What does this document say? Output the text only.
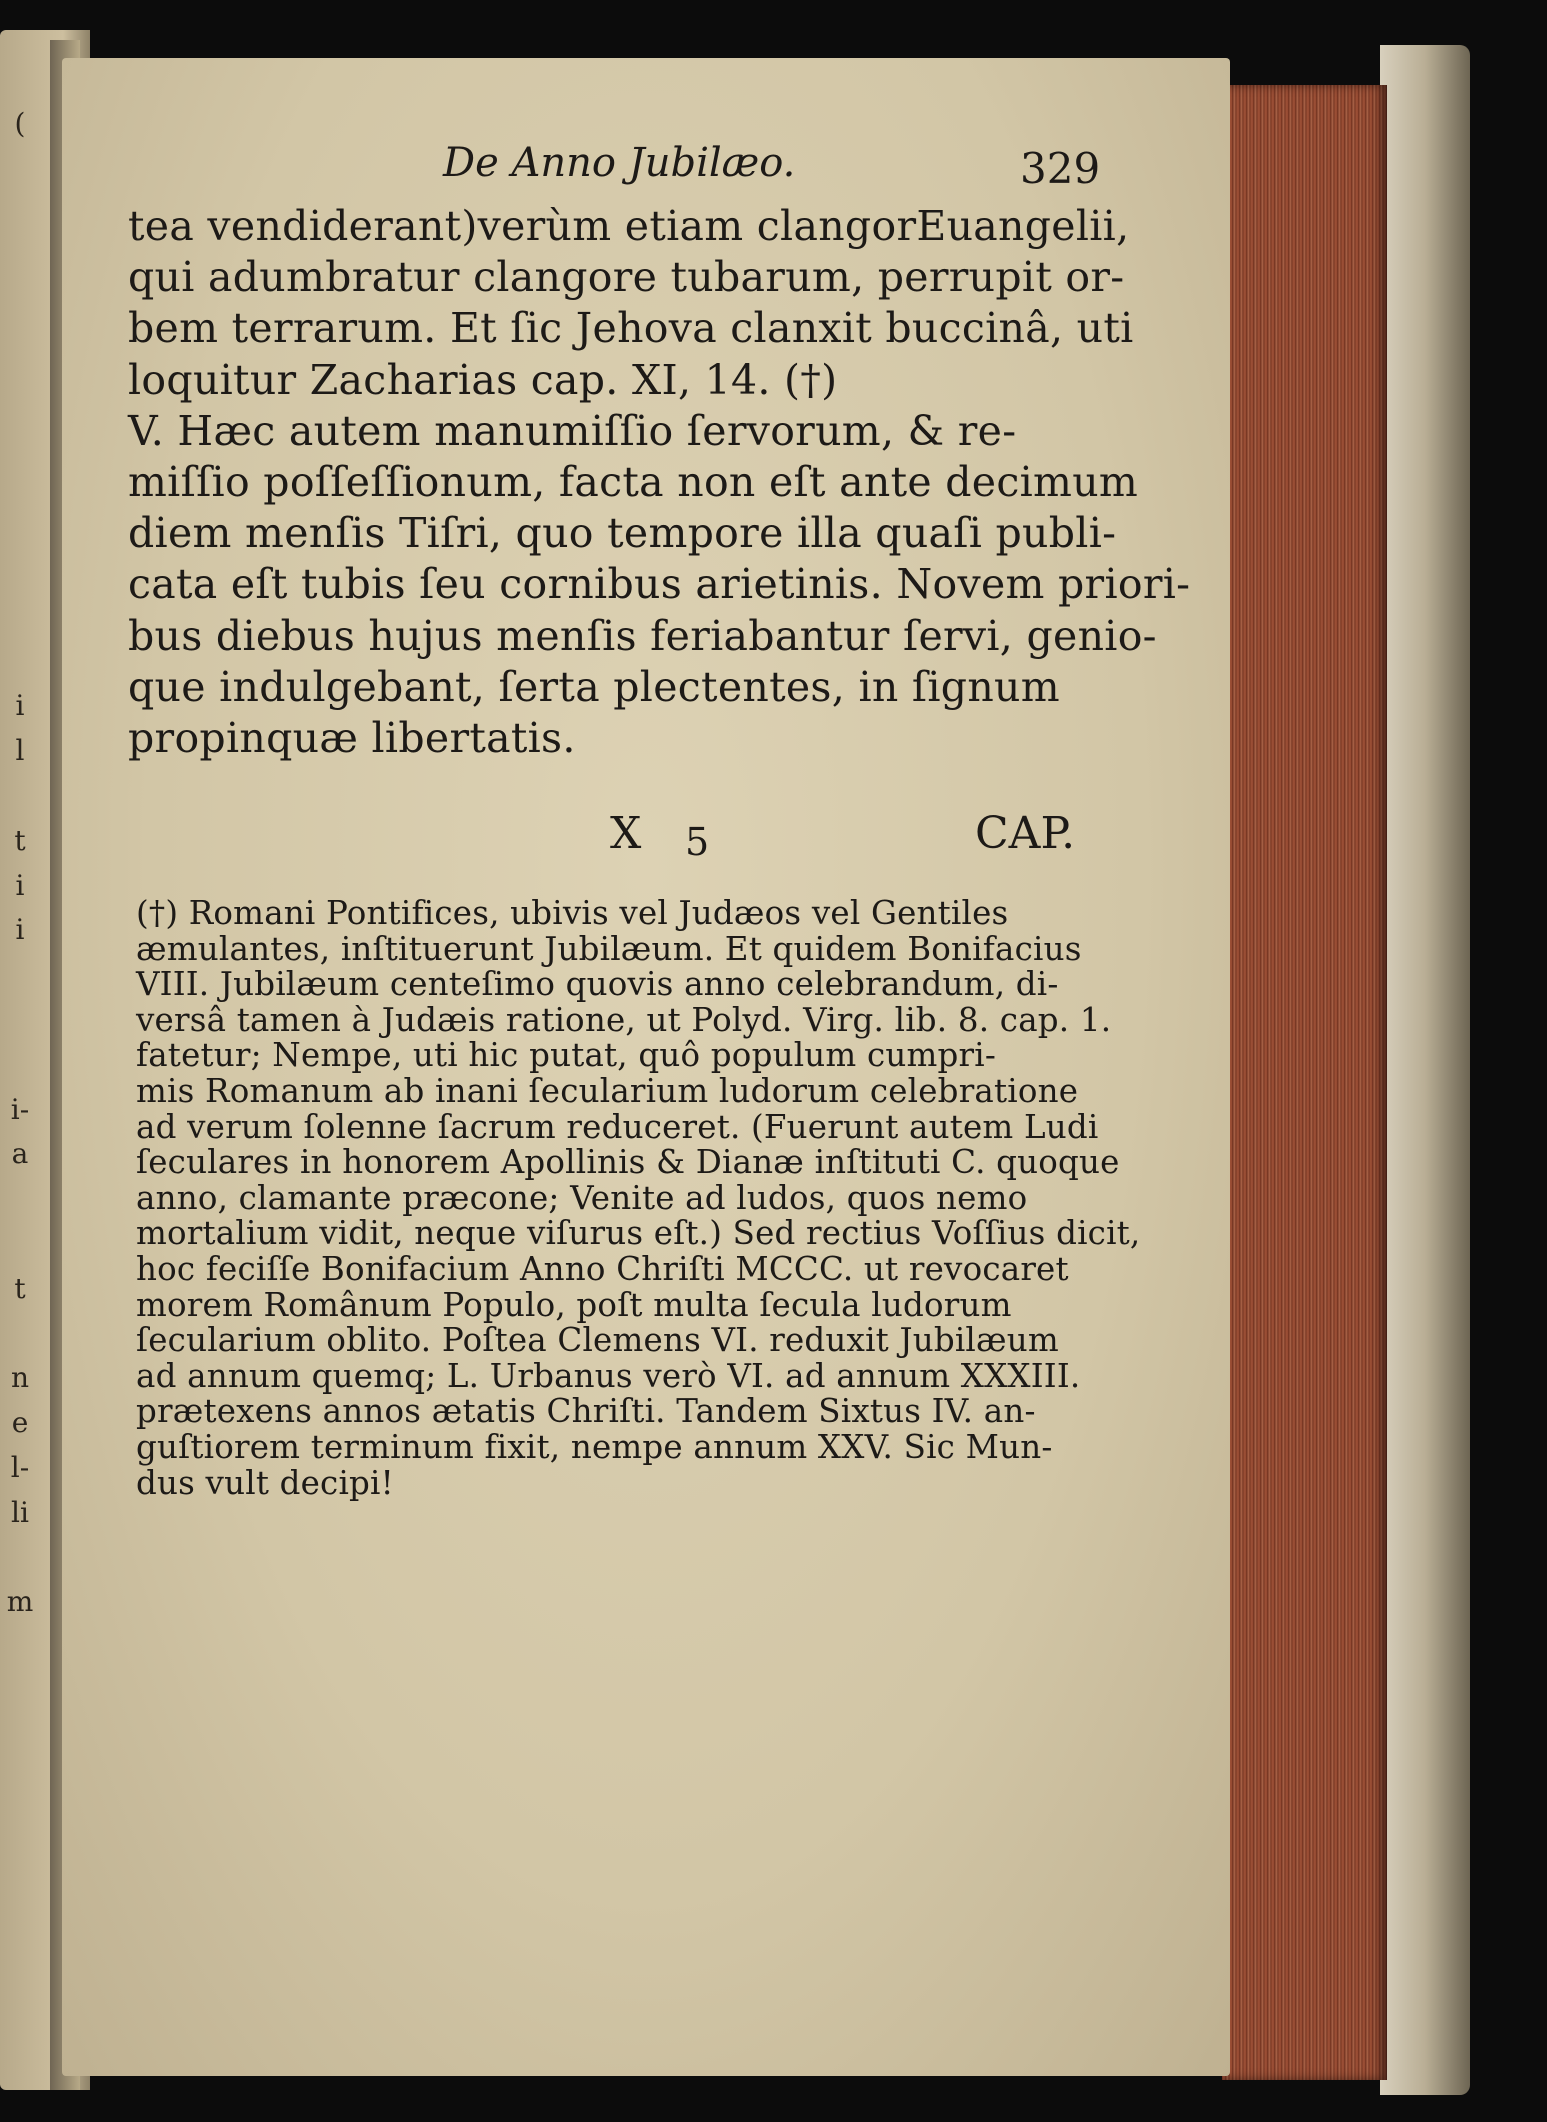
(
i
l
t
i
i
i-
a
t
n
e
l-
li
m
De Anno Jubilæo.	329
tea vendiderant)verùm etiam clangorEuangelii,
qui adumbratur clangore tubarum, perrupit or-
bem terrarum. Et ſic Jehova clanxit buccinâ, uti
loquitur Zacharias cap. XI, 14. (†)
V. Hæc autem manumiſſio ſervorum, & re-
miſſio poſſeſſionum, facta non eſt ante decimum
diem menſis Tiſri, quo tempore illa quaſi publi-
cata eſt tubis ſeu cornibus arietinis. Novem priori-
bus diebus hujus menſis feriabantur ſervi, genio-
que indulgebant, ſerta plectentes, in ſignum
propinquæ libertatis.
X 5	CAP.
(†) Romani Pontifices, ubivis vel Judæos vel Gentiles
æmulantes, inſtituerunt Jubilæum. Et quidem Bonifacius
VIII. Jubilæum centeſimo quovis anno celebrandum, di-
versâ tamen à Judæis ratione, ut Polyd. Virg. lib. 8. cap. 1.
fatetur; Nempe, uti hic putat, quô populum cumpri-
mis Romanum ab inani ſecularium ludorum celebratione
ad verum ſolenne ſacrum reduceret. (Fuerunt autem Ludi
ſeculares in honorem Apollinis & Dianæ inſtituti C. quoque
anno, clamante præcone; Venite ad ludos, quos nemo
mortalium vidit, neque viſurus eſt.) Sed rectius Voſſius dicit,
hoc feciſſe Bonifacium Anno Chriſti MCCC. ut revocaret
morem Românum Populo, poſt multa ſecula ludorum
ſecularium oblito. Poſtea Clemens VI. reduxit Jubilæum
ad annum quemq; L. Urbanus verò VI. ad annum XXXIII.
prætexens annos ætatis Chriſti. Tandem Sixtus IV. an-
guſtiorem terminum fixit, nempe annum XXV. Sic Mun-
dus vult decipi!
